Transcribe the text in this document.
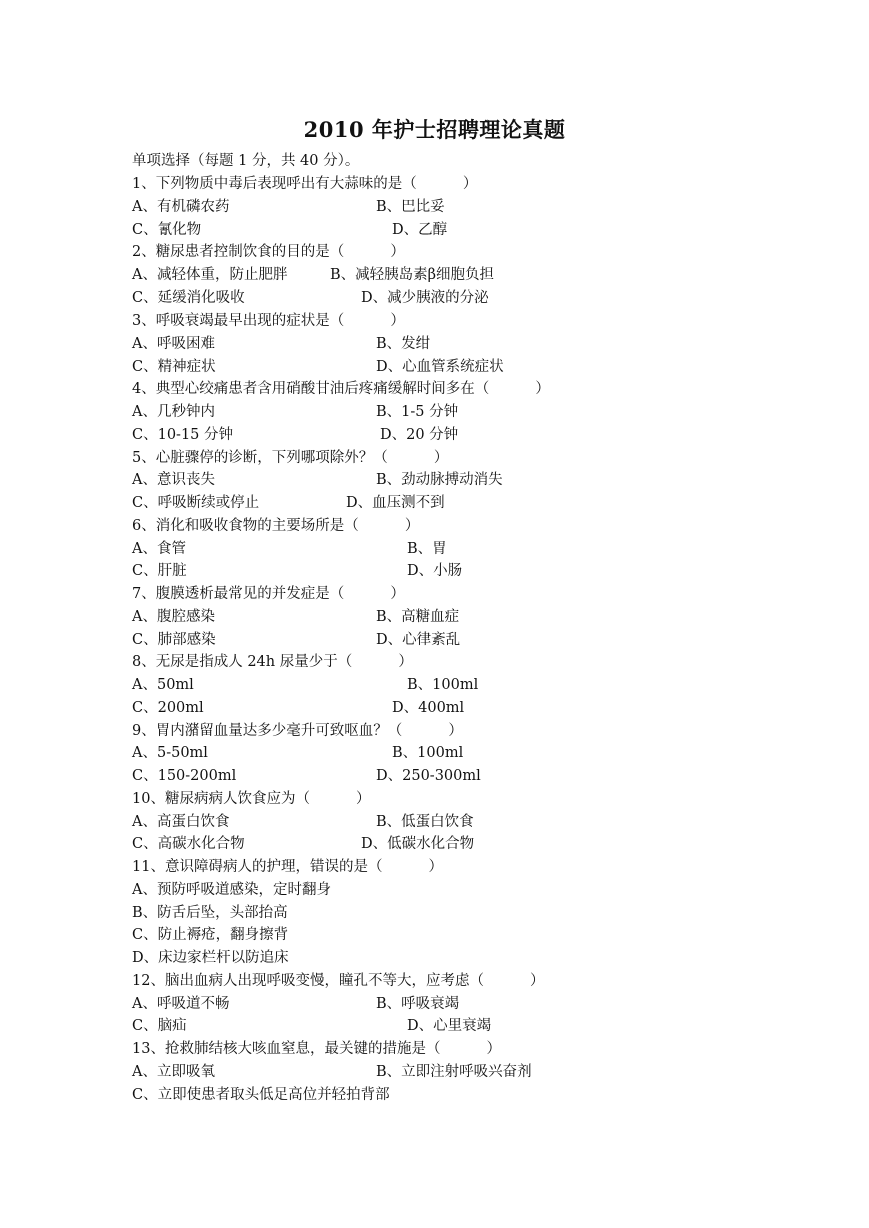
2010 年护士招聘理论真题
单项选择（每题 1 分，共 40 分）。
1、下列物质中毒后表现呼出有大蒜味的是（          ）
A、有机磷农药	B、巴比妥
C、氰化物	D、乙醇
2、糖尿患者控制饮食的目的是（          ）
A、减轻体重，防止肥胖	B、减轻胰岛素β细胞负担
C、延缓消化吸收	D、减少胰液的分泌
3、呼吸衰竭最早出现的症状是（          ）
A、呼吸困难	B、发绀
C、精神症状	D、心血管系统症状
4、典型心绞痛患者含用硝酸甘油后疼痛缓解时间多在（          ）
A、几秒钟内	B、1-5 分钟
C、10-15 分钟	D、20 分钟
5、心脏骤停的诊断，下列哪项除外？（          ）
A、意识丧失	B、劲动脉搏动消失
C、呼吸断续或停止	D、血压测不到
6、消化和吸收食物的主要场所是（          ）
A、食管	B、胃
C、肝脏	D、小肠
7、腹膜透析最常见的并发症是（          ）
A、腹腔感染	B、高糖血症
C、肺部感染	D、心律紊乱
8、无尿是指成人 24h 尿量少于（          ）
A、50ml	B、100ml
C、200ml	D、400ml
9、胃内潴留血量达多少毫升可致呕血？（          ）
A、5-50ml	B、100ml
C、150-200ml	D、250-300ml
10、糖尿病病人饮食应为（          ）
A、高蛋白饮食	B、低蛋白饮食
C、高碳水化合物	D、低碳水化合物
11、意识障碍病人的护理，错误的是（          ）
A、预防呼吸道感染，定时翻身
B、防舌后坠，头部抬高
C、防止褥疮，翻身擦背
D、床边家栏杆以防追床
12、脑出血病人出现呼吸变慢，瞳孔不等大，应考虑（          ）
A、呼吸道不畅	B、呼吸衰竭
C、脑疝	D、心里衰竭
13、抢救肺结核大咳血窒息，最关键的措施是（          ）
A、立即吸氧	B、立即注射呼吸兴奋剂
C、立即使患者取头低足高位并轻拍背部
